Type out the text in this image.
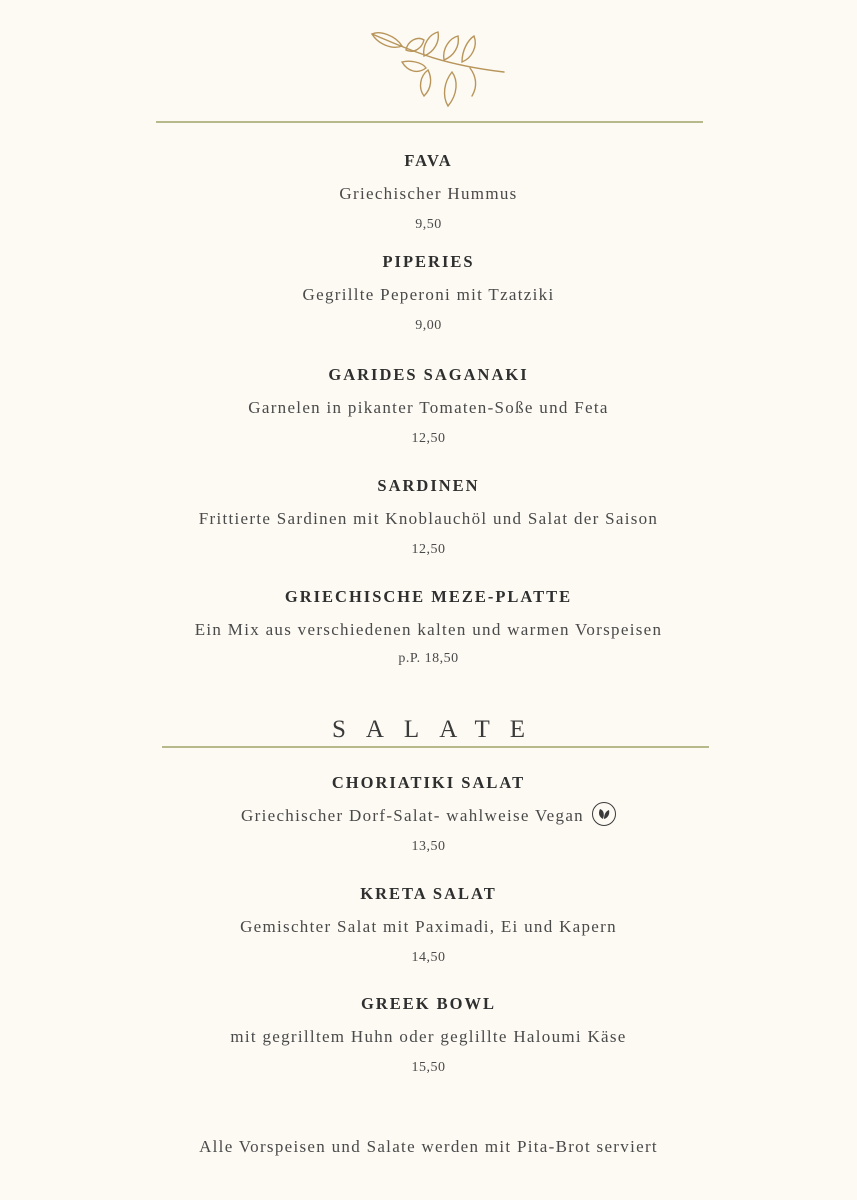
FAVA
Griechischer Hummus
9,50
PIPERIES
Gegrillte Peperoni mit Tzatziki
9,00
GARIDES SAGANAKI
Garnelen in pikanter Tomaten-Soße und Feta
12,50
SARDINEN
Frittierte Sardinen mit Knoblauchöl und Salat der Saison
12,50
GRIECHISCHE MEZE-PLATTE
Ein Mix aus verschiedenen kalten und warmen Vorspeisen
p.P. 18,50
SALATE
CHORIATIKI SALAT
Griechischer Dorf-Salat- wahlweise Vegan
13,50
KRETA SALAT
Gemischter Salat mit Paximadi, Ei und Kapern
14,50
GREEK BOWL
mit gegrilltem Huhn oder geglillte Haloumi Käse
15,50
Alle Vorspeisen und Salate werden mit Pita-Brot serviert
